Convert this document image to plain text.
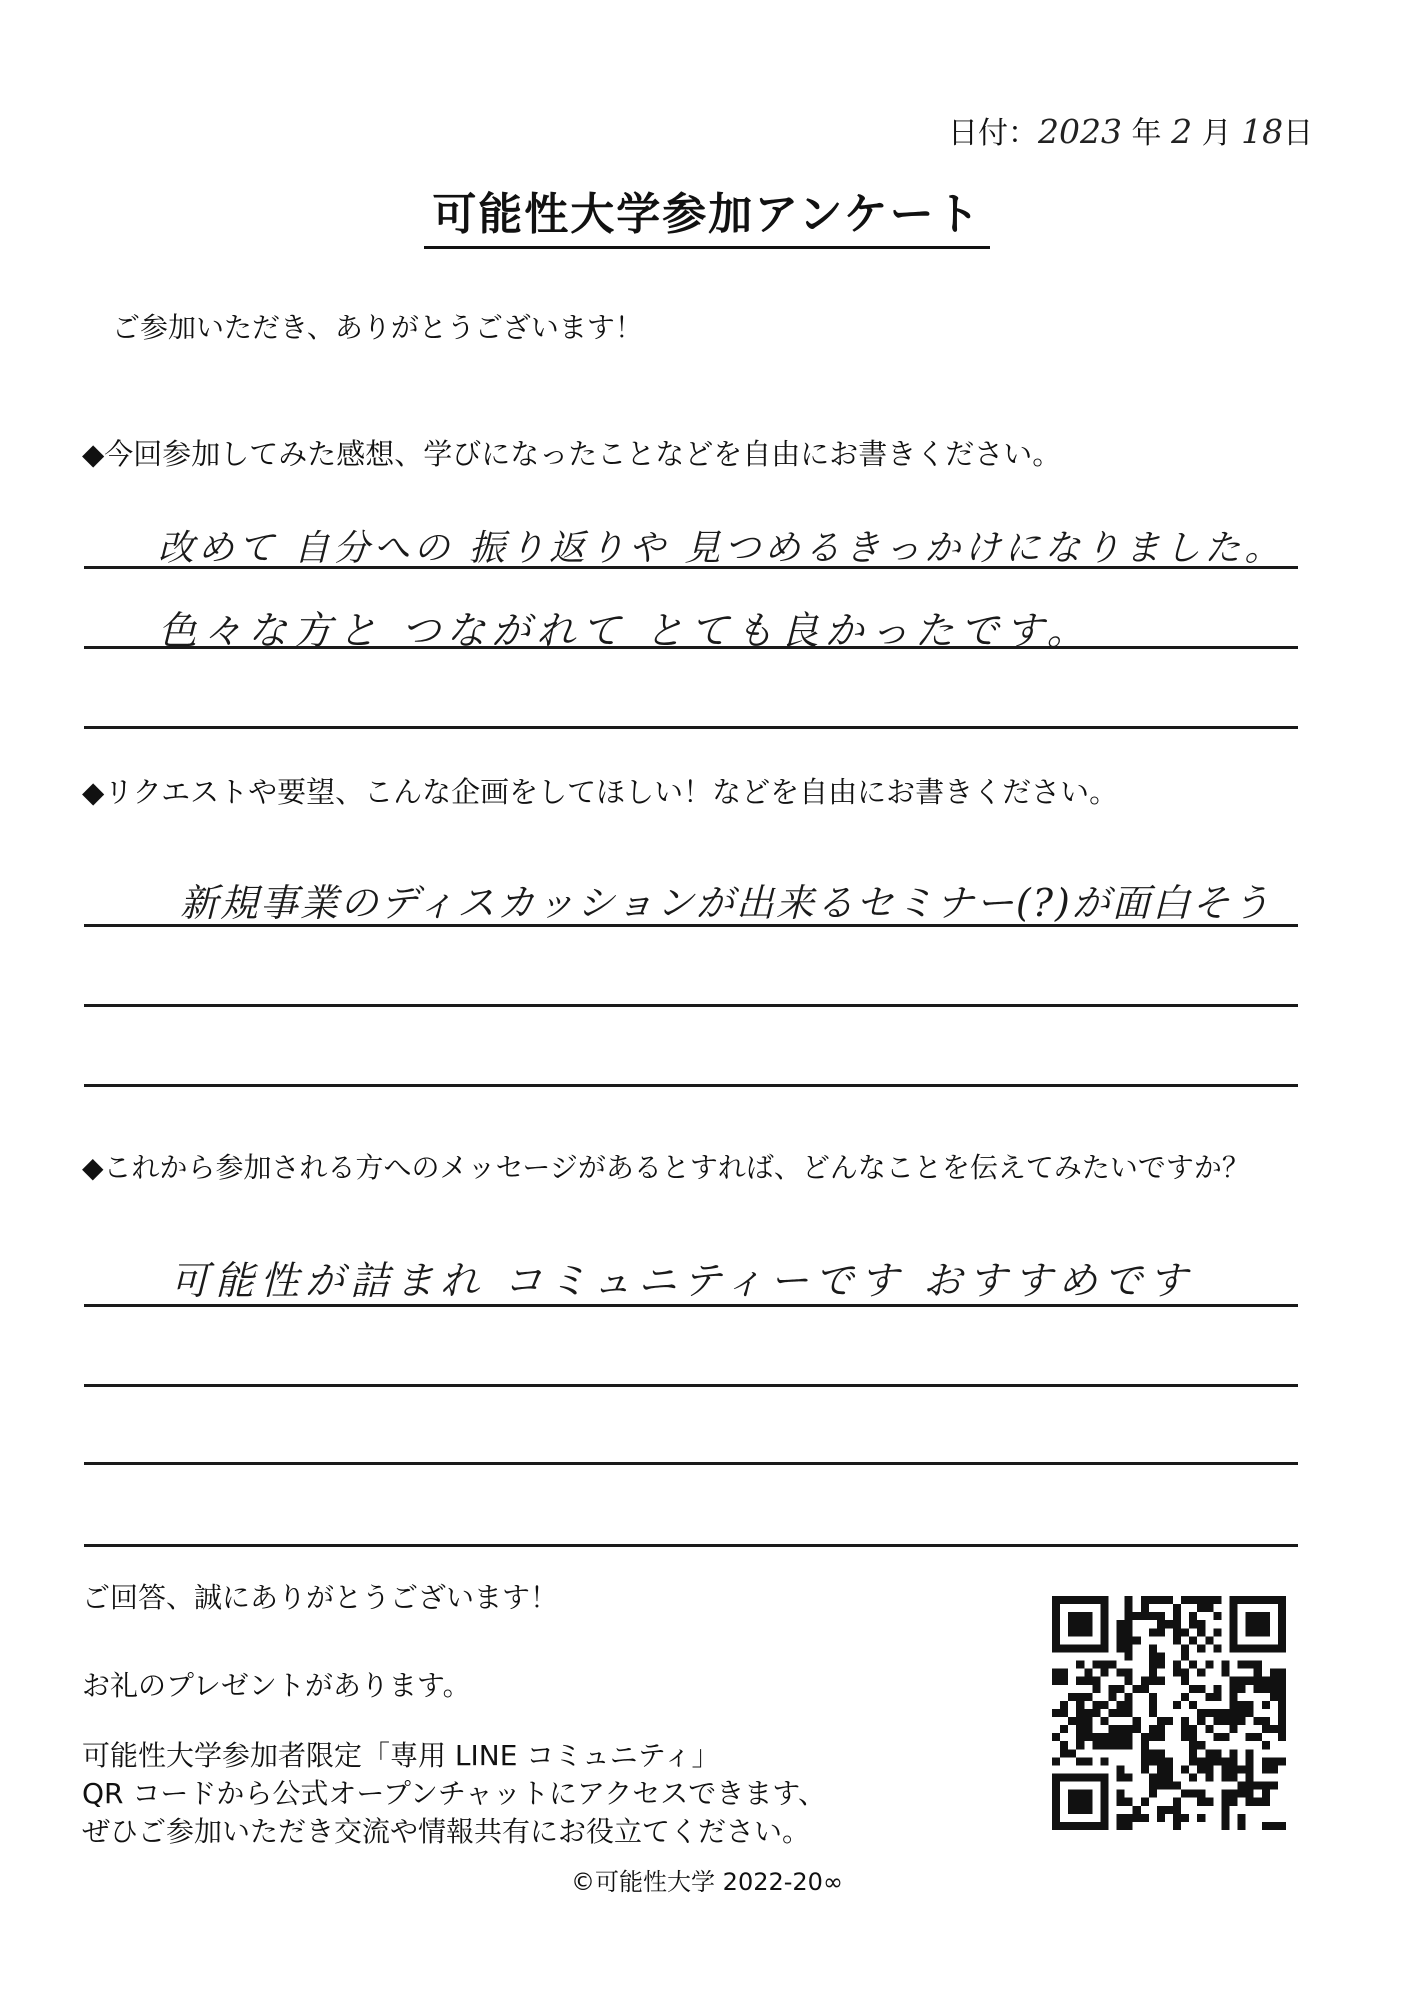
日付：2023 年 2 月 18日
可能性大学参加アンケート
ご参加いただき、ありがとうございます！
◆今回参加してみた感想、学びになったことなどを自由にお書きください。
改めて 自分への 振り返りや 見つめるきっかけになりました。
色々な方と つながれて とても良かったです。
◆リクエストや要望、こんな企画をしてほしい！などを自由にお書きください。
新規事業のディスカッションが出来るセミナー(?)が面白そう
◆これから参加される方へのメッセージがあるとすれば、どんなことを伝えてみたいですか？
可能性が詰まれ コミュニティーです おすすめです
ご回答、誠にありがとうございます！
お礼のプレゼントがあります。
可能性大学参加者限定「専用 LINE コミュニティ」
QR コードから公式オープンチャットにアクセスできます、
ぜひご参加いただき交流や情報共有にお役立てください。
©可能性大学 2022-20∞
